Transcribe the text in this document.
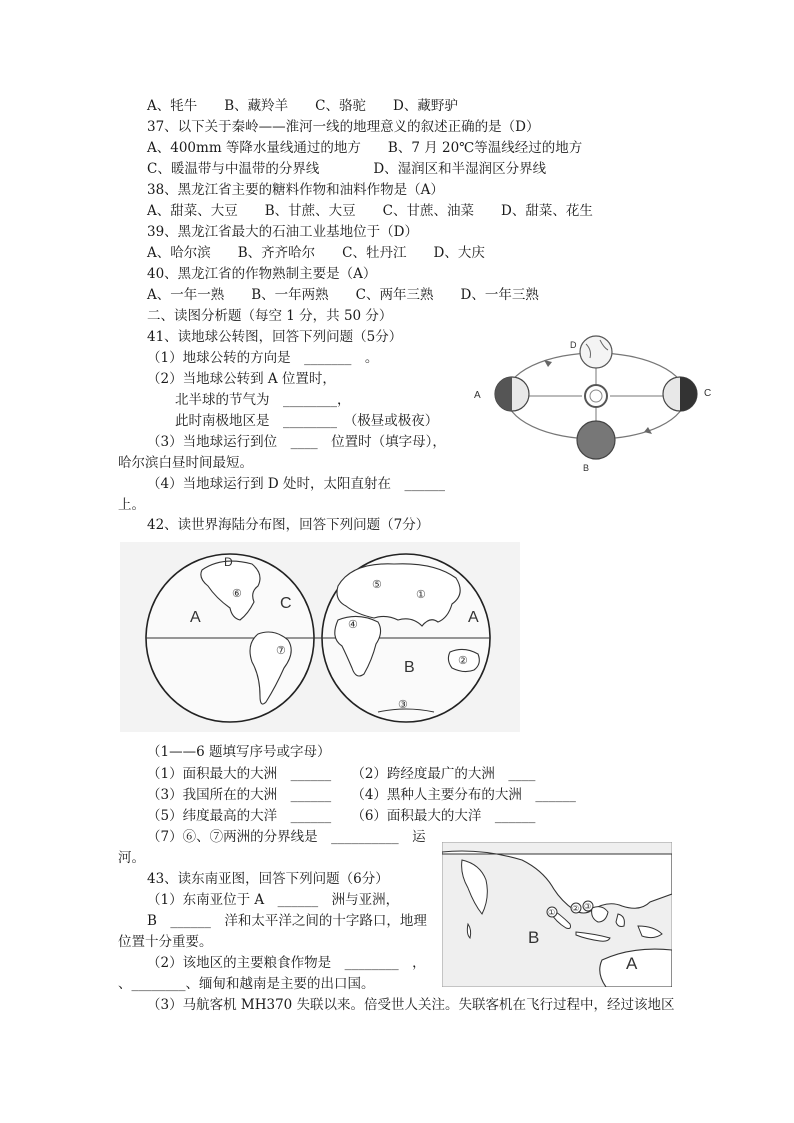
A、牦牛　　B、藏羚羊　　C、骆驼　　D、藏野驴
37、以下关于秦岭——淮河一线的地理意义的叙述正确的是（D）
A、400mm 等降水量线通过的地方　　B、7 月 20℃等温线经过的地方
C、暖温带与中温带的分界线　　　　D、湿润区和半湿润区分界线
38、黑龙江省主要的糖料作物和油料作物是（A）
A、甜菜、大豆　　B、甘蔗、大豆　　C、甘蔗、油菜　　D、甜菜、花生
39、黑龙江省最大的石油工业基地位于（D）
A、哈尔滨　　B、齐齐哈尔　　C、牡丹江　　D、大庆
40、黑龙江省的作物熟制主要是（A）
A、一年一熟　　B、一年两熟　　C、两年三熟　　D、一年三熟
二、读图分析题（每空 1 分，共 50 分）
41、读地球公转图，回答下列问题（5分）
（1）地球公转的方向是　_______　。
（2）当地球公转到 A 位置时，
北半球的节气为　________，
此时南极地区是　________　（极昼或极夜）
（3）当地球运行到位　____　位置时（填字母），
哈尔滨白昼时间最短。
（4）当地球运行到 D 处时，太阳直射在　______
上。
42、读世界海陆分布图，回答下列问题（7分）
（1——6 题填写序号或字母）
（1）面积最大的大洲　______　　（2）跨经度最广的大洲　____
（3）我国所在的大洲　______　　（4）黑种人主要分布的大洲　______
（5）纬度最高的大洋　______　　（6）面积最大的大洋　______
（7）⑥、⑦两洲的分界线是　__________　运
河。
43、读东南亚图，回答下列问题（6分）
（1）东南亚位于 A　______　洲与亚洲，
B　______　洋和太平洋之间的十字路口，地理
位置十分重要。
（2）该地区的主要粮食作物是　________　，
、________、缅甸和越南是主要的出口国。
（3）马航客机 MH370 失联以来。倍受世人关注。失联客机在飞行过程中，经过该地区
D
A	C
B
D
A
C
⑥
⑦
⑤
①
A
④
B	②
③
① ② ③
B
A
